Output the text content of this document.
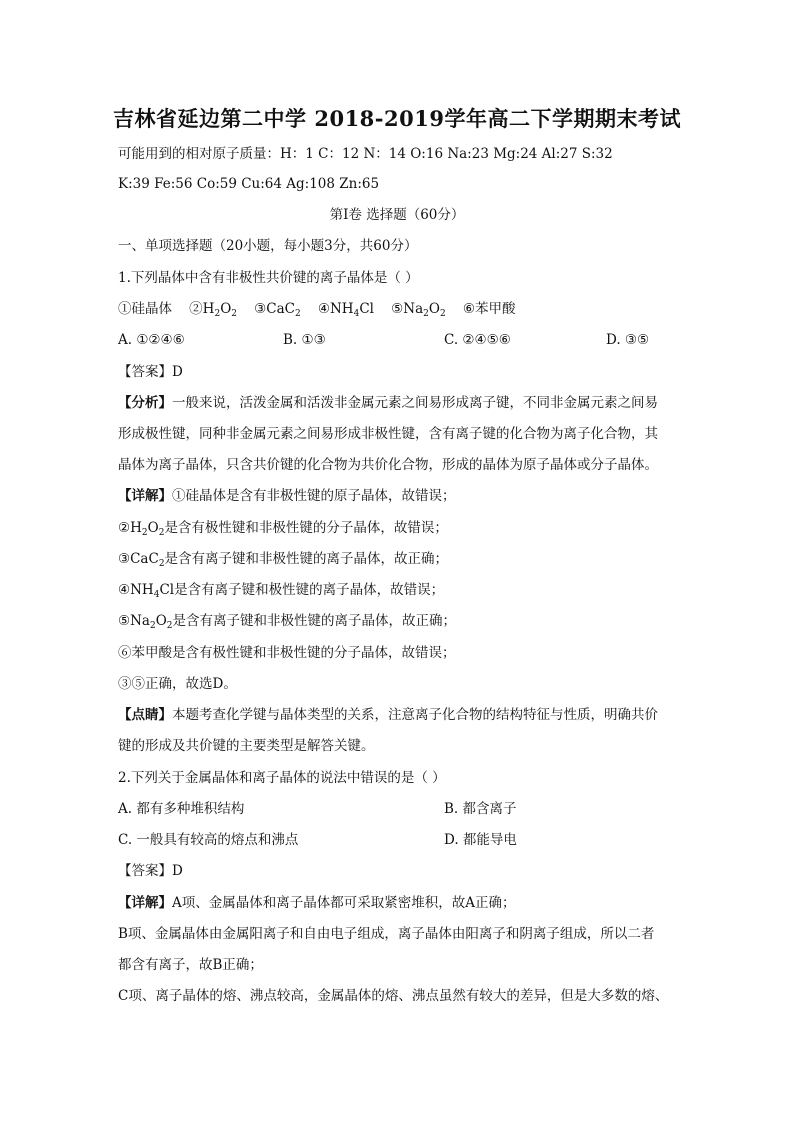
吉林省延边第二中学 2018-2019学年高二下学期期末考试
可能用到的相对原子质量：H：1 C：12 N：14 O:16 Na:23 Mg:24 Al:27 S:32
K:39 Fe:56 Co:59 Cu:64 Ag:108 Zn:65
第Ⅰ卷 选择题（60分）
一、单项选择题（20小题，每小题3分，共60分）
1.下列晶体中含有非极性共价键的离子晶体是（ ）
①硅晶体 $②H_2O_2$ ③CaC$_2$ $④NH_4Cl$ $⑤Na_2O_2$ ⑥苯甲酸
A. ①②④⑥	B. ①③	C. ②④⑤⑥	D. ③⑤
【答案】D
【分析】一般来说，活泼金属和活泼非金属元素之间易形成离子键，不同非金属元素之间易
形成极性键，同种非金属元素之间易形成非极性键，含有离子键的化合物为离子化合物，其
晶体为离子晶体，只含共价键的化合物为共价化合物，形成的晶体为原子晶体或分子晶体。
【详解】①硅晶体是含有非极性键的原子晶体，故错误；
$②H_2O_2$是含有极性键和非极性键的分子晶体，故错误；
③CaC$_2$是含有离子键和非极性键的离子晶体，故正确；
$④NH_4Cl$是含有离子键和极性键的离子晶体，故错误；
$⑤Na_2O_2$是含有离子键和非极性键的离子晶体，故正确；
⑥苯甲酸是含有极性键和非极性键的分子晶体，故错误；
③⑤正确，故选D。
【点睛】本题考查化学键与晶体类型的关系，注意离子化合物的结构特征与性质，明确共价
键的形成及共价键的主要类型是解答关键。
2.下列关于金属晶体和离子晶体的说法中错误的是（ ）
A. 都有多种堆积结构	B. 都含离子
C. 一般具有较高的熔点和沸点	D. 都能导电
【答案】D
【详解】A项、金属晶体和离子晶体都可采取紧密堆积，故A正确；
B项、金属晶体由金属阳离子和自由电子组成，离子晶体由阳离子和阴离子组成，所以二者
都含有离子，故B正确；
C项、离子晶体的熔、沸点较高，金属晶体的熔、沸点虽然有较大的差异，但是大多数的熔、
